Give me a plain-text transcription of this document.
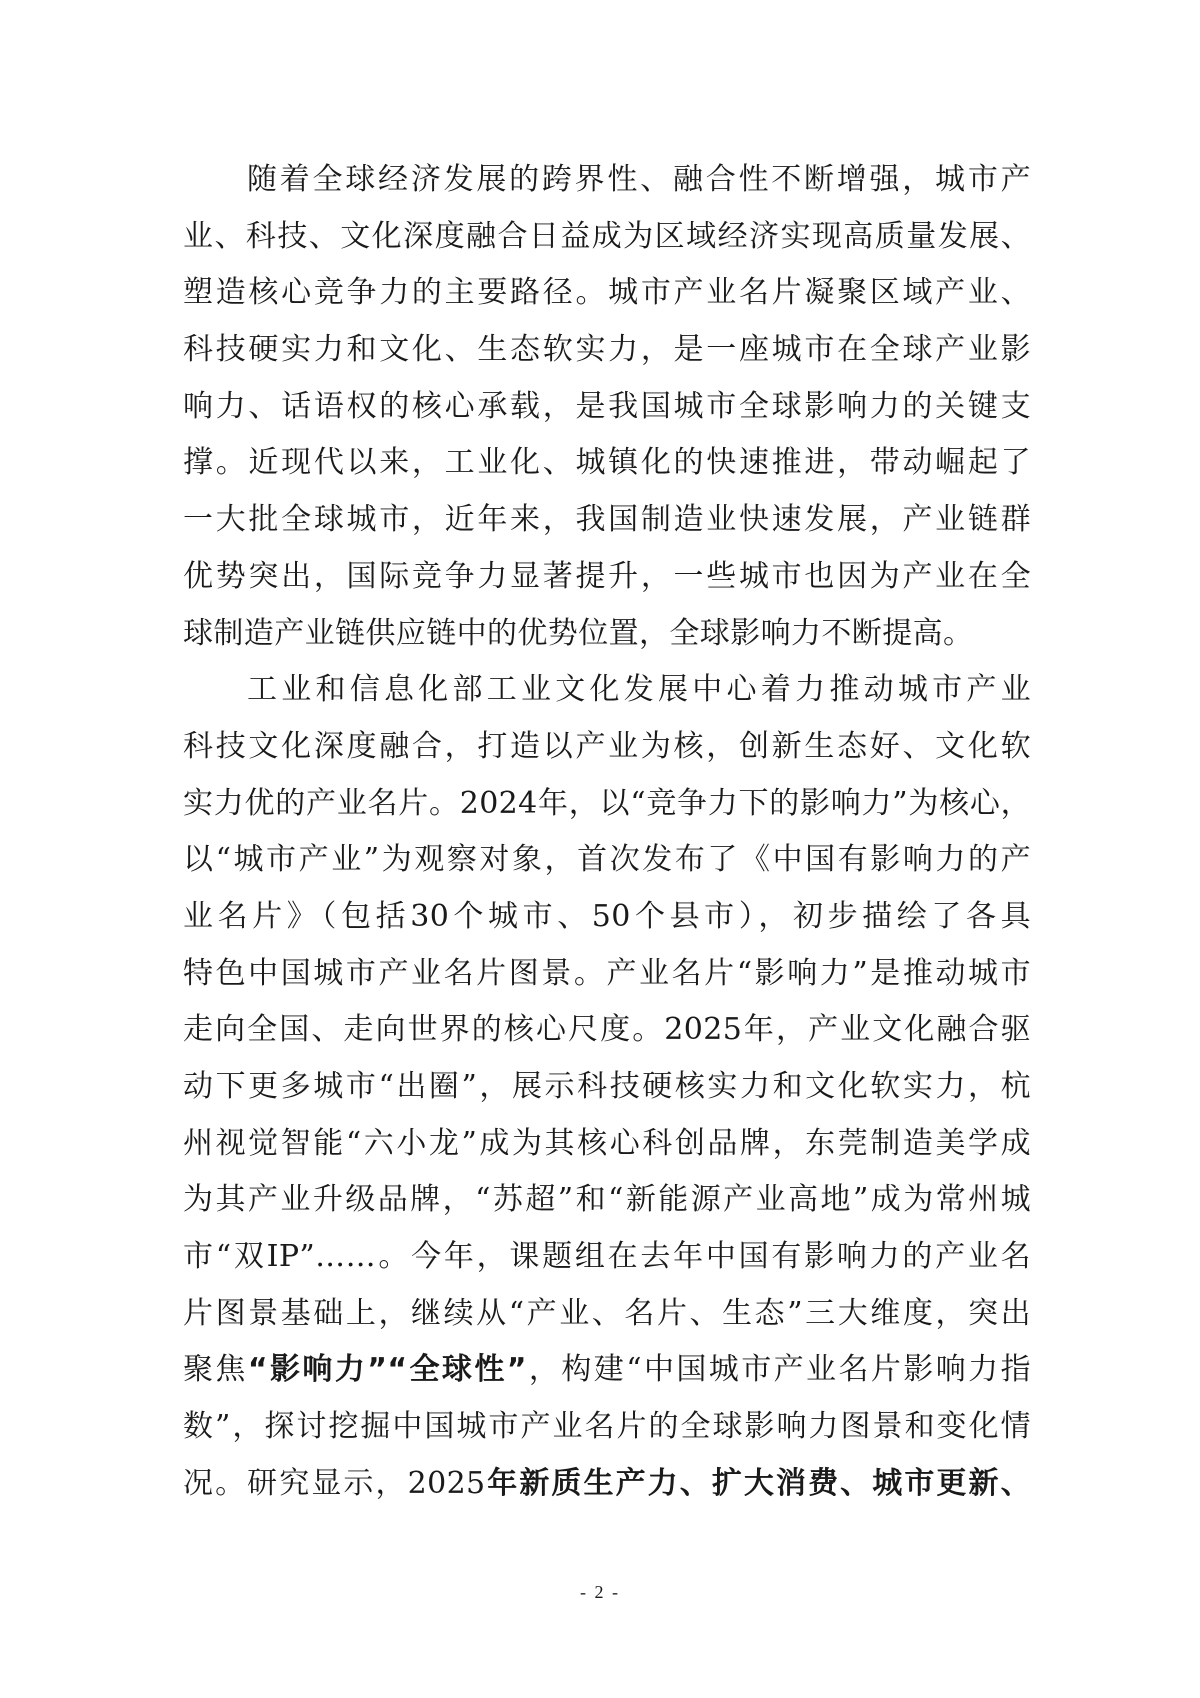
随着全球经济发展的跨界性、融合性不断增强，城市产
业、科技、文化深度融合日益成为区域经济实现高质量发展、
塑造核心竞争力的主要路径。城市产业名片凝聚区域产业、
科技硬实力和文化、生态软实力，是一座城市在全球产业影
响力、话语权的核心承载，是我国城市全球影响力的关键支
撑。近现代以来，工业化、城镇化的快速推进，带动崛起了
一大批全球城市，近年来，我国制造业快速发展，产业链群
优势突出，国际竞争力显著提升，一些城市也因为产业在全
球制造产业链供应链中的优势位置，全球影响力不断提高。
工业和信息化部工业文化发展中心着力推动城市产业
科技文化深度融合，打造以产业为核，创新生态好、文化软
实力优的产业名片。2024年，以“竞争力下的影响力”为核心，
以“城市产业”为观察对象，首次发布了《中国有影响力的产
业名片》（包括30个城市、50个县市），初步描绘了各具
特色中国城市产业名片图景。产业名片“影响力”是推动城市
走向全国、走向世界的核心尺度。2025年，产业文化融合驱
动下更多城市“出圈”，展示科技硬核实力和文化软实力，杭
州视觉智能“六小龙”成为其核心科创品牌，东莞制造美学成
为其产业升级品牌，“苏超”和“新能源产业高地”成为常州城
市“双IP”……。今年，课题组在去年中国有影响力的产业名
片图景基础上，继续从“产业、名片、生态”三大维度，突出
聚焦“影响力”“全球性”，构建“中国城市产业名片影响力指
数”，探讨挖掘中国城市产业名片的全球影响力图景和变化情
况。研究显示，2025年新质生产力、扩大消费、城市更新、
- 2 -
